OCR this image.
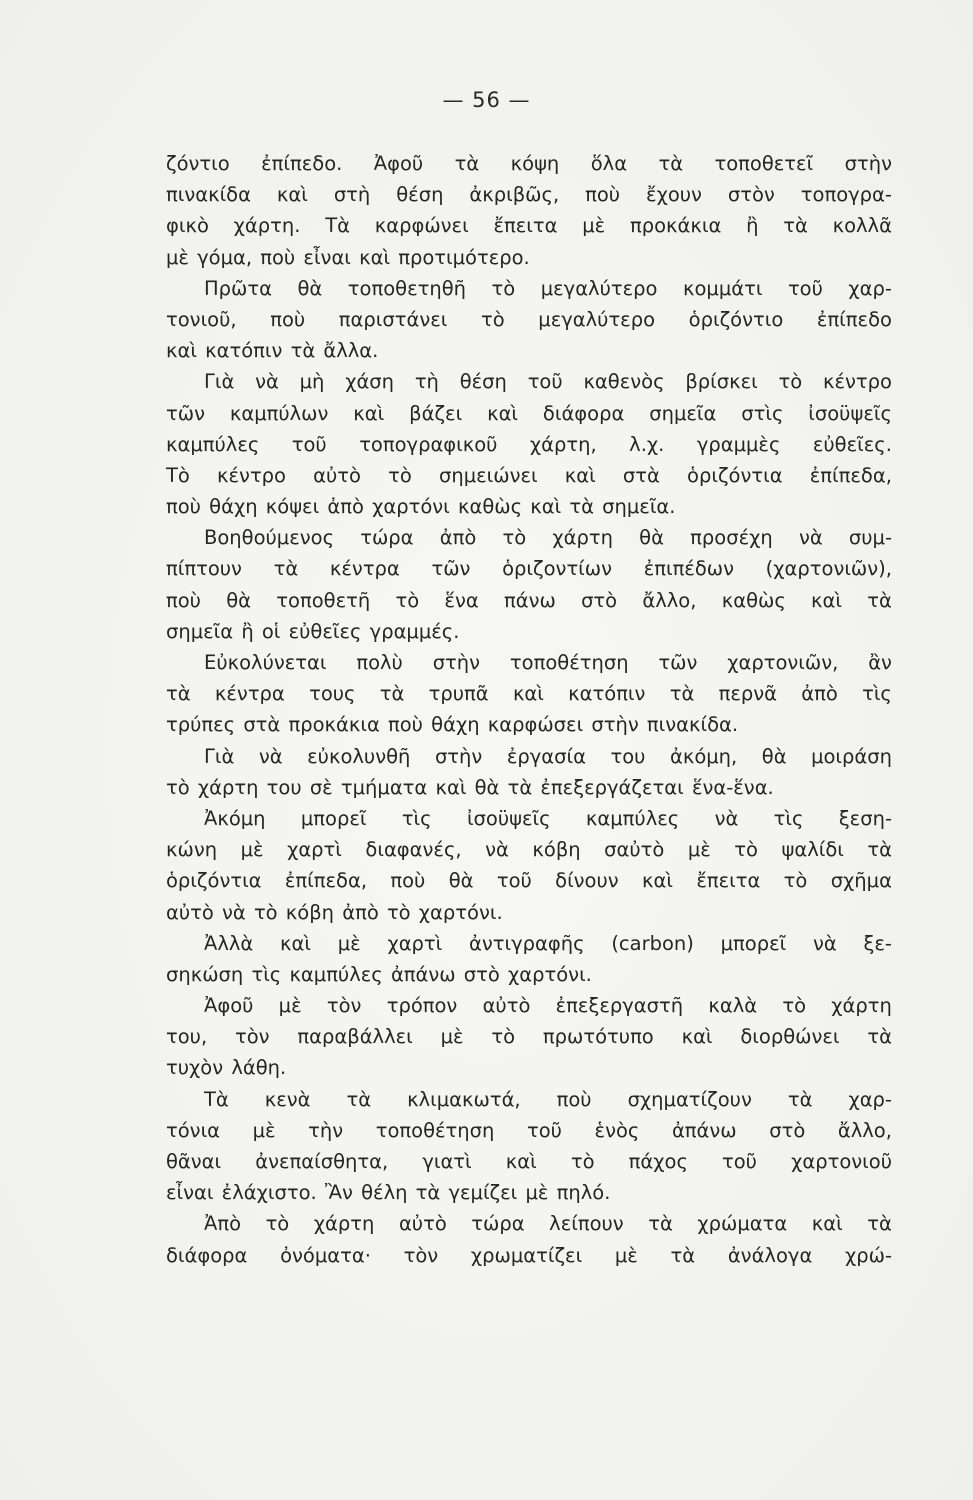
— 56 —
ζόντιο ἐπίπεδο. Ἀφοῦ τὰ κόψη ὅλα τὰ τοποθετεῖ στὴν
πινακίδα καὶ στὴ θέση ἀκριβῶς, ποὺ ἔχουν στὸν τοπογρα-
φικὸ χάρτη. Τὰ καρφώνει ἔπειτα μὲ προκάκια ἢ τὰ κολλᾶ
μὲ γόμα, ποὺ εἶναι καὶ προτιμότερο.
Πρῶτα θὰ τοποθετηθῆ τὸ μεγαλύτερο κομμάτι τοῦ χαρ-
τονιοῦ, ποὺ παριστάνει τὸ μεγαλύτερο ὁριζόντιο ἐπίπεδο
καὶ κατόπιν τὰ ἄλλα.
Γιὰ νὰ μὴ χάση τὴ θέση τοῦ καθενὸς βρίσκει τὸ κέντρο
τῶν καμπύλων καὶ βάζει καὶ διάφορα σημεῖα στὶς ἰσοϋψεῖς
καμπύλες τοῦ τοπογραφικοῦ χάρτη, λ.χ. γραμμὲς εὐθεῖες.
Τὸ κέντρο αὐτὸ τὸ σημειώνει καὶ στὰ ὁριζόντια ἐπίπεδα,
ποὺ θάχη κόψει ἀπὸ χαρτόνι καθὼς καὶ τὰ σημεῖα.
Βοηθούμενος τώρα ἀπὸ τὸ χάρτη θὰ προσέχη νὰ συμ-
πίπτουν τὰ κέντρα τῶν ὁριζοντίων ἐπιπέδων (χαρτονιῶν),
ποὺ θὰ τοποθετῆ τὸ ἕνα πάνω στὸ ἄλλο, καθὼς καὶ τὰ
σημεῖα ἢ οἱ εὐθεῖες γραμμές.
Εὐκολύνεται πολὺ στὴν τοποθέτηση τῶν χαρτονιῶν, ἂν
τὰ κέντρα τους τὰ τρυπᾶ καὶ κατόπιν τὰ περνᾶ ἀπὸ τὶς
τρύπες στὰ προκάκια ποὺ θάχη καρφώσει στὴν πινακίδα.
Γιὰ νὰ εὐκολυνθῆ στὴν ἐργασία του ἀκόμη, θὰ μοιράση
τὸ χάρτη του σὲ τμήματα καὶ θὰ τὰ ἐπεξεργάζεται ἕνα-ἕνα.
Ἀκόμη μπορεῖ τὶς ἰσοϋψεῖς καμπύλες νὰ τὶς ξεση-
κώνη μὲ χαρτὶ διαφανές, νὰ κόβη σαὐτὸ μὲ τὸ ψαλίδι τὰ
ὁριζόντια ἐπίπεδα, ποὺ θὰ τοῦ δίνουν καὶ ἔπειτα τὸ σχῆμα
αὐτὸ νὰ τὸ κόβη ἀπὸ τὸ χαρτόνι.
Ἀλλὰ καὶ μὲ χαρτὶ ἀντιγραφῆς (carbon) μπορεῖ νὰ ξε-
σηκώση τὶς καμπύλες ἀπάνω στὸ χαρτόνι.
Ἀφοῦ μὲ τὸν τρόπον αὐτὸ ἐπεξεργαστῆ καλὰ τὸ χάρτη
του, τὸν παραβάλλει μὲ τὸ πρωτότυπο καὶ διορθώνει τὰ
τυχὸν λάθη.
Τὰ κενὰ τὰ κλιμακωτά, ποὺ σχηματίζουν τὰ χαρ-
τόνια μὲ τὴν τοποθέτηση τοῦ ἑνὸς ἀπάνω στὸ ἄλλο,
θᾶναι ἀνεπαίσθητα, γιατὶ καὶ τὸ πάχος τοῦ χαρτονιοῦ
εἶναι ἐλάχιστο. Ἂν θέλη τὰ γεμίζει μὲ πηλό.
Ἀπὸ τὸ χάρτη αὐτὸ τώρα λείπουν τὰ χρώματα καὶ τὰ
διάφορα ὀνόματα· τὸν χρωματίζει μὲ τὰ ἀνάλογα χρώ-
